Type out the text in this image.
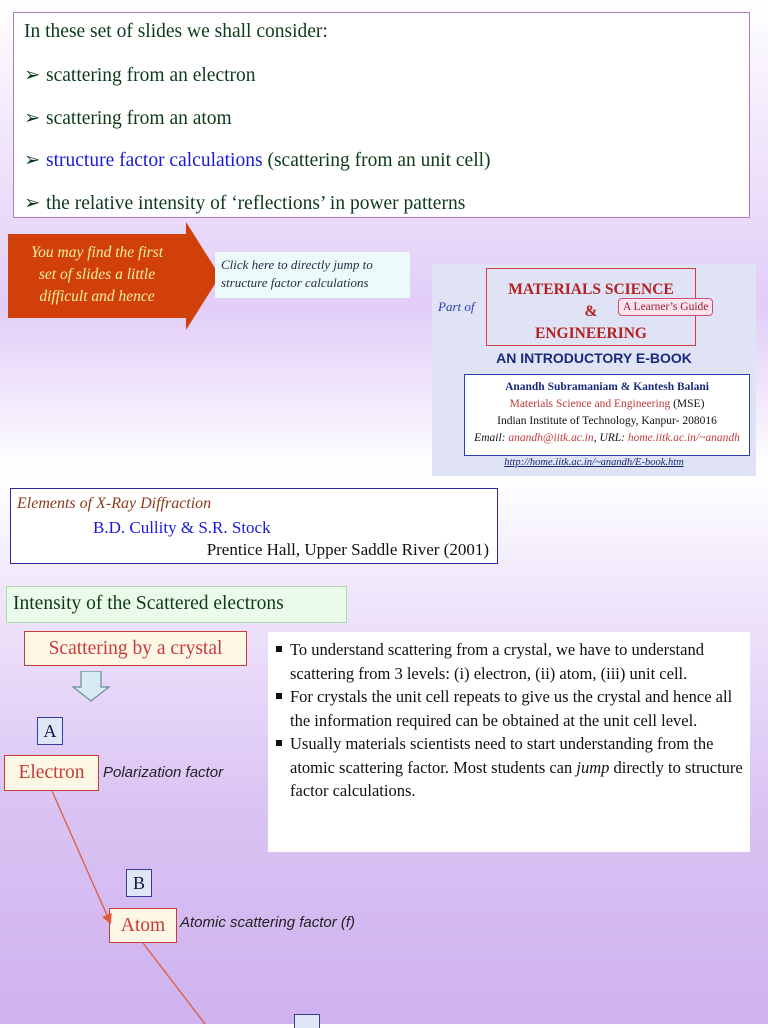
In these set of slides we shall consider:
➢ scattering from an electron
➢ scattering from an atom
➢ structure factor calculations (scattering from an unit cell)
➢ the relative intensity of ‘reflections’ in power patterns
You may find the first
set of slides a little
difficult and hence
Click here to directly jump to
structure factor calculations
Part of
MATERIALS SCIENCE
&
ENGINEERING
A Learner’s Guide
AN INTRODUCTORY E-BOOK
Anandh Subramaniam & Kantesh Balani
Materials Science and Engineering (MSE)
Indian Institute of Technology, Kanpur- 208016
Email: anandh@iitk.ac.in, URL: home.iitk.ac.in/~anandh
http://home.iitk.ac.in/~anandh/E-book.htm
Elements of X-Ray Diffraction
B.D. Cullity & S.R. Stock
Prentice Hall, Upper Saddle River (2001)
Intensity of the Scattered electrons
Scattering by a crystal
A
Electron	Polarization factor
B
Atom Atomic scattering factor (f)
To understand scattering from a crystal, we have to understand scattering from 3 levels: (i) electron, (ii) atom, (iii) unit cell.
For crystals the unit cell repeats to give us the crystal and hence all the information required can be obtained at the unit cell level.
Usually materials scientists need to start understanding from the atomic scattering factor. Most students can jump directly to structure factor calculations.
